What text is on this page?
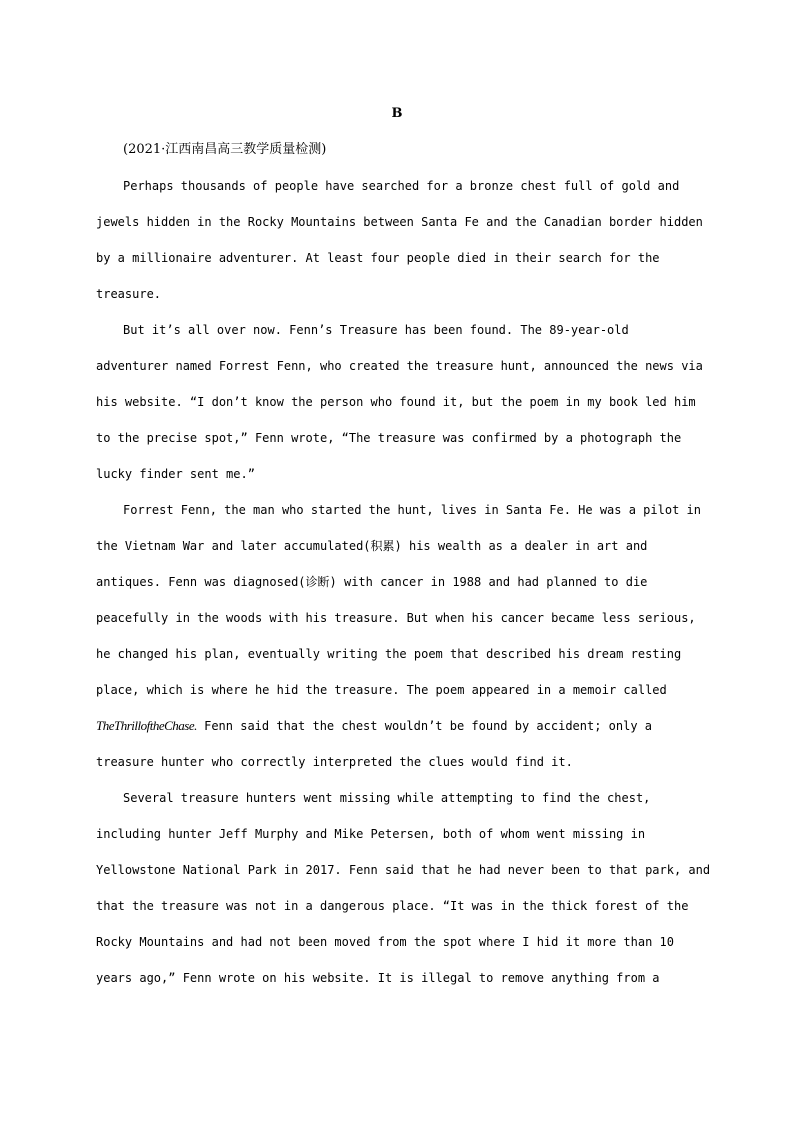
B
(2021·江西南昌高三教学质量检测)
Perhaps thousands of people have searched for a bronze chest full of gold and
jewels hidden in the Rocky Mountains between Santa Fe and the Canadian border hidden
by a millionaire adventurer. At least four people died in their search for the
treasure.
But it’s all over now. Fenn’s Treasure has been found. The 89-year-old
adventurer named Forrest Fenn, who created the treasure hunt, announced the news via
his website. “I don’t know the person who found it, but the poem in my book led him
to the precise spot,” Fenn wrote, “The treasure was confirmed by a photograph the
lucky finder sent me.”
Forrest Fenn, the man who started the hunt, lives in Santa Fe. He was a pilot in
the Vietnam War and later accumulated(积累) his wealth as a dealer in art and
antiques. Fenn was diagnosed(诊断) with cancer in 1988 and had planned to die
peacefully in the woods with his treasure. But when his cancer became less serious,
he changed his plan, eventually writing the poem that described his dream resting
place, which is where he hid the treasure. The poem appeared in a memoir called
TheThrilloftheChase. Fenn said that the chest wouldn’t be found by accident; only a
treasure hunter who correctly interpreted the clues would find it.
Several treasure hunters went missing while attempting to find the chest,
including hunter Jeff Murphy and Mike Petersen, both of whom went missing in
Yellowstone National Park in 2017. Fenn said that he had never been to that park, and
that the treasure was not in a dangerous place. “It was in the thick forest of the
Rocky Mountains and had not been moved from the spot where I hid it more than 10
years ago,” Fenn wrote on his website. It is illegal to remove anything from a
